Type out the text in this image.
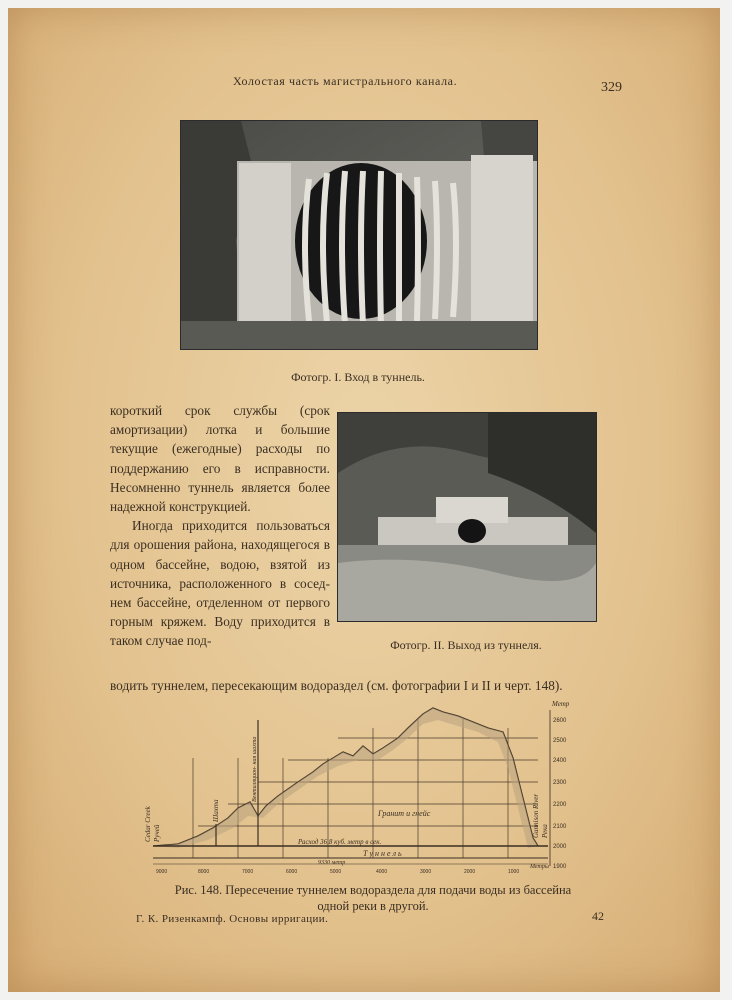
Холостая часть магистрального канала.	329
Фотогр. I. Вход в туннель.
Фотогр. II. Выход из туннеля.

короткий срок службы (срок амортизации) лотка и большие текущие (ежегодные) расходы по поддержанию его в исправности. Несомненно туннель является более надежной конструкцией.

Иногда приходится пользоваться для орошения района, находящегося в одном бассейне, водою, взятой из источника, расположенного в соседнем бассейне, отделенном от первого горным кряжем. Воду приходится в таком случае под-

водить туннелем, пересекающим водораздел (см. фотографии I и II и черт. 148).
2600
2500
2400
2300
2200
2100
2000
1900
9000	8000	7000	6000	5000	4000	3000	2000	1000
Метр
Метры
Гранит и гнейс
Расход 36,8 куб. метр в сек.
Т у н н е л ь
9330 метр
Cedar Creek Ручей
Шахта
Вентиляцион- ная шахта
Gunnison River Река
Рис. 148. Пересечение туннелем водораздела для подачи воды из бассейна одной реки в другой.
Г. К. Ризенкампф. Основы ирригации.	42
